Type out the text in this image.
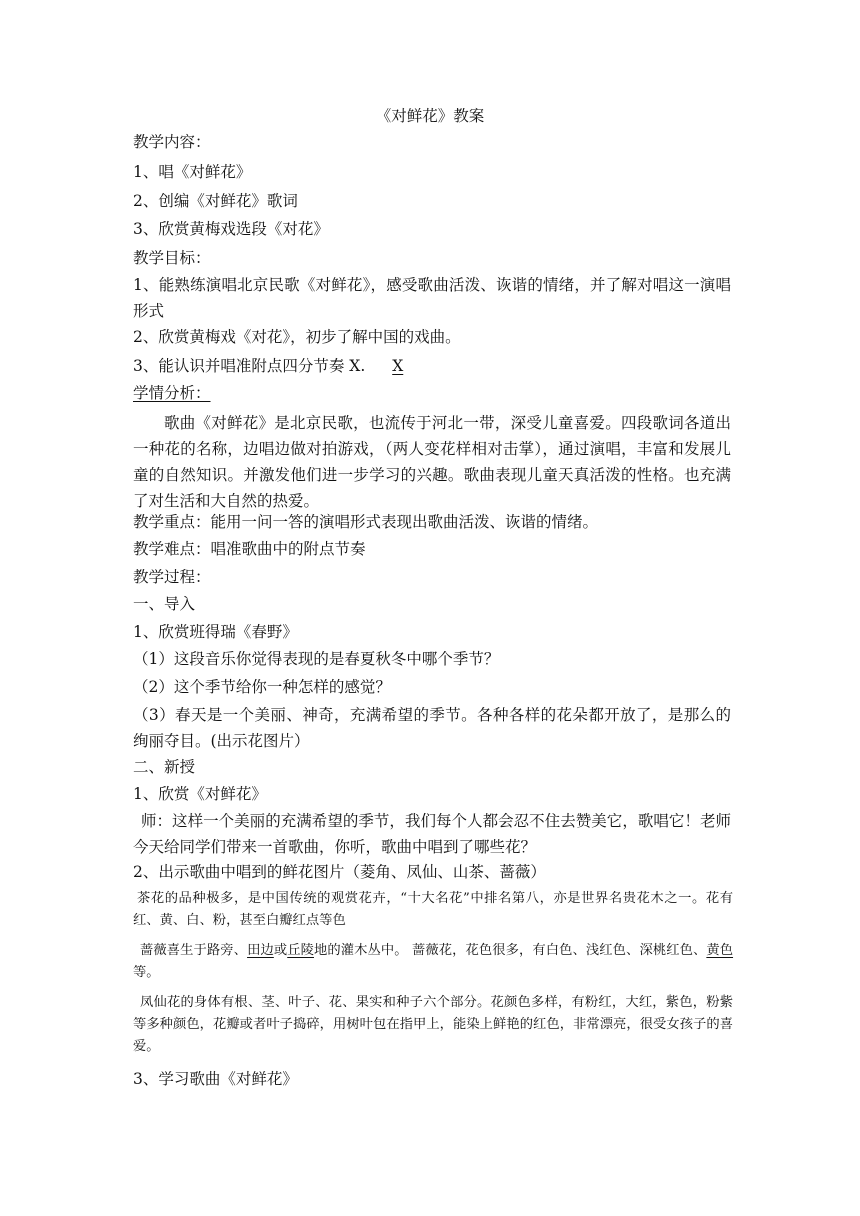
《对鲜花》教案
教学内容：
1、唱《对鲜花》
2、创编《对鲜花》歌词
3、欣赏黄梅戏选段《对花》
教学目标：
1、能熟练演唱北京民歌《对鲜花》，感受歌曲活泼、诙谐的情绪，并了解对唱这一演唱形式
2、欣赏黄梅戏《对花》，初步了解中国的戏曲。
3、能认识并唱准附点四分节奏 X. X
学情分析：
歌曲《对鲜花》是北京民歌，也流传于河北一带，深受儿童喜爱。四段歌词各道出一种花的名称，边唱边做对拍游戏，（两人变花样相对击掌），通过演唱，丰富和发展儿童的自然知识。并激发他们进一步学习的兴趣。歌曲表现儿童天真活泼的性格。也充满了对生活和大自然的热爱。
教学重点：能用一问一答的演唱形式表现出歌曲活泼、诙谐的情绪。
教学难点：唱准歌曲中的附点节奏
教学过程：
一、导入
1、欣赏班得瑞《春野》
（1）这段音乐你觉得表现的是春夏秋冬中哪个季节？
（2）这个季节给你一种怎样的感觉？
（3）春天是一个美丽、神奇，充满希望的季节。各种各样的花朵都开放了，是那么的绚丽夺目。(出示花图片）
二、新授
1、欣赏《对鲜花》
师：这样一个美丽的充满希望的季节，我们每个人都会忍不住去赞美它，歌唱它！老师今天给同学们带来一首歌曲，你听，歌曲中唱到了哪些花？
2、出示歌曲中唱到的鲜花图片（菱角、凤仙、山茶、蔷薇）
茶花的品种极多，是中国传统的观赏花卉，“十大名花”中排名第八，亦是世界名贵花木之一。花有红、黄、白、粉，甚至白瓣红点等色
蔷薇喜生于路旁、田边或丘陵地的灌木丛中。 蔷薇花，花色很多，有白色、浅红色、深桃红色、黄色等。
凤仙花的身体有根、茎、叶子、花、果实和种子六个部分。花颜色多样，有粉红，大红，紫色，粉紫等多种颜色，花瓣或者叶子捣碎，用树叶包在指甲上，能染上鲜艳的红色，非常漂亮，很受女孩子的喜爱。
3、学习歌曲《对鲜花》
